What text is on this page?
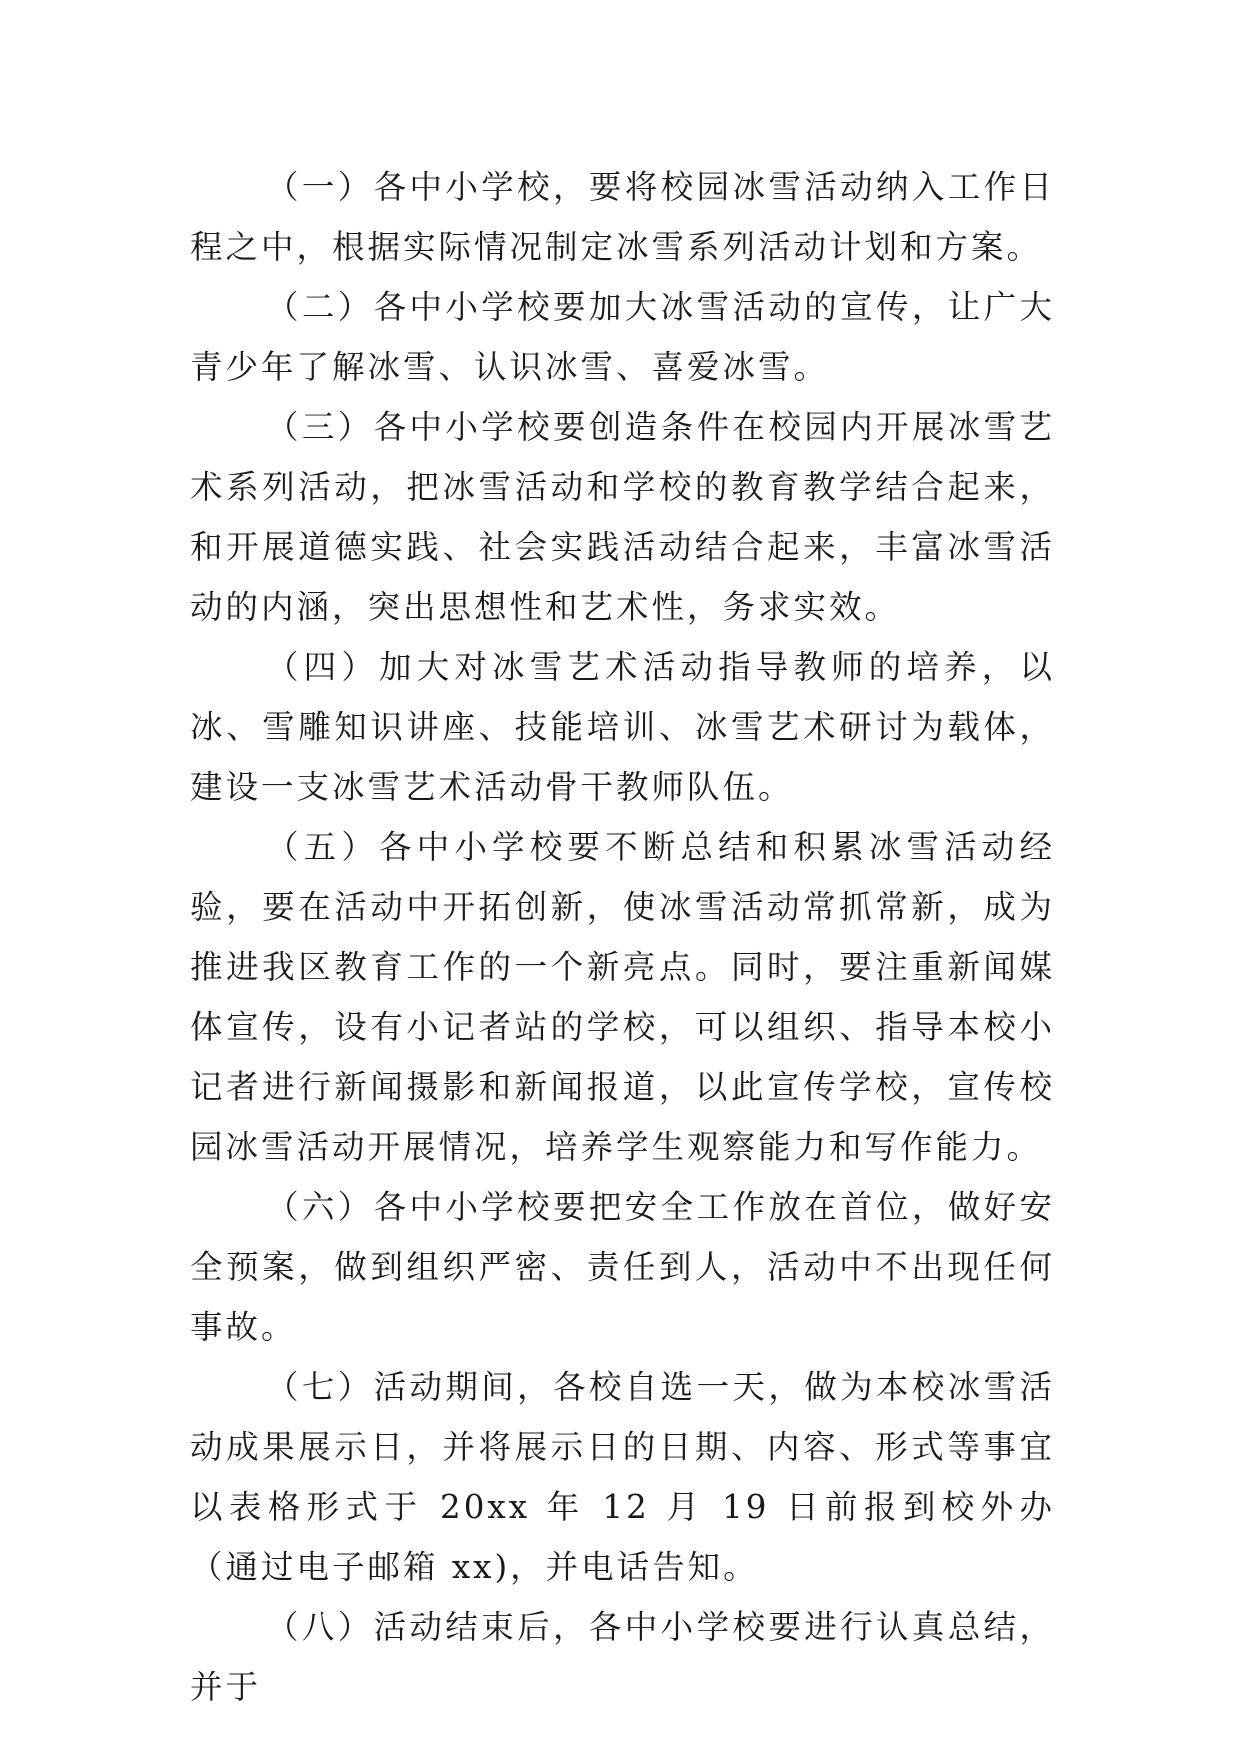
（一）各中小学校，要将校园冰雪活动纳入工作日程之中，根据实际情况制定冰雪系列活动计划和方案。

（二）各中小学校要加大冰雪活动的宣传，让广大青少年了解冰雪、认识冰雪、喜爱冰雪。

（三）各中小学校要创造条件在校园内开展冰雪艺术系列活动，把冰雪活动和学校的教育教学结合起来，和开展道德实践、社会实践活动结合起来，丰富冰雪活动的内涵，突出思想性和艺术性，务求实效。

（四）加大对冰雪艺术活动指导教师的培养，以冰、雪雕知识讲座、技能培训、冰雪艺术研讨为载体，建设一支冰雪艺术活动骨干教师队伍。

（五）各中小学校要不断总结和积累冰雪活动经验，要在活动中开拓创新，使冰雪活动常抓常新，成为推进我区教育工作的一个新亮点。同时，要注重新闻媒体宣传，设有小记者站的学校，可以组织、指导本校小记者进行新闻摄影和新闻报道，以此宣传学校，宣传校园冰雪活动开展情况，培养学生观察能力和写作能力。

（六）各中小学校要把安全工作放在首位，做好安全预案，做到组织严密、责任到人，活动中不出现任何事故。

（七）活动期间，各校自选一天，做为本校冰雪活动成果展示日，并将展示日的日期、内容、形式等事宜以表格形式于 20xx 年 12 月 19 日前报到校外办（通过电子邮箱 xx)，并电话告知。

（八）活动结束后，各中小学校要进行认真总结，并于
